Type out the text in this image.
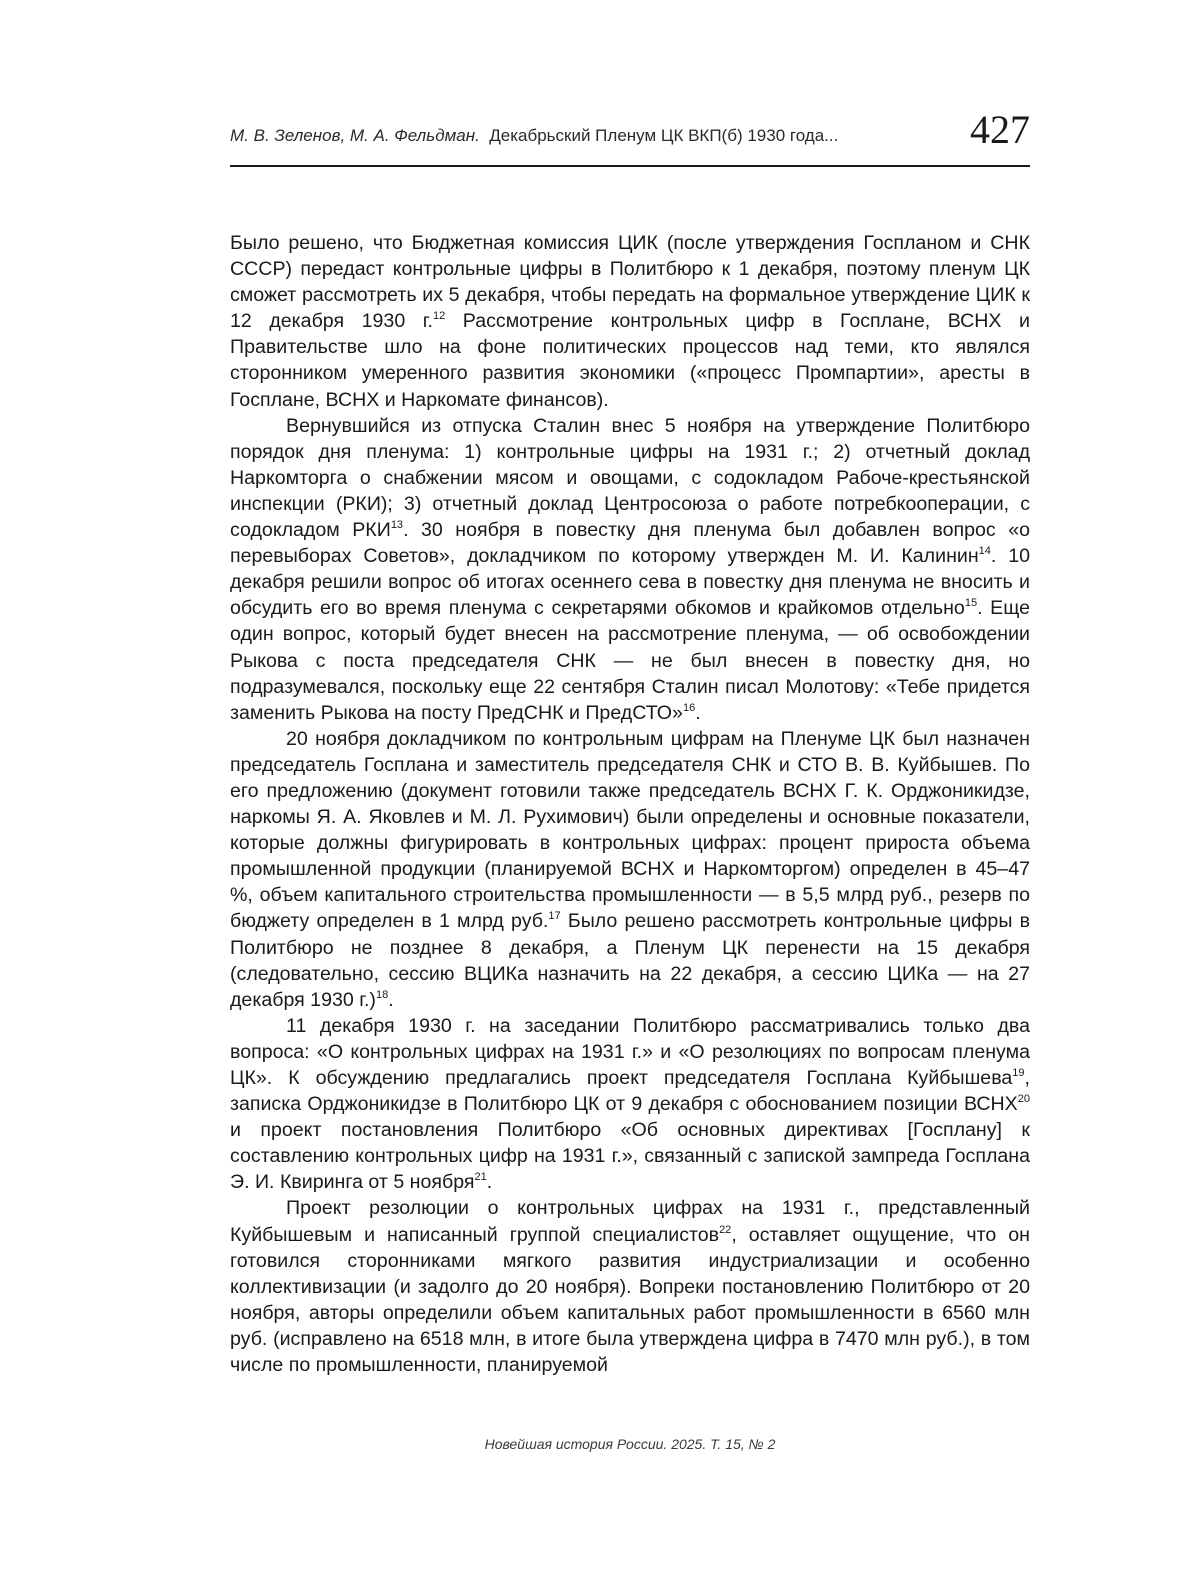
М. В. Зеленов, М. А. Фельдман. Декабрьский Пленум ЦК ВКП(б) 1930 года...	427

Было решено, что Бюджетная комиссия ЦИК (после утверждения Госпланом и СНК СССР) передаст контрольные цифры в Политбюро к 1 декабря, поэтому пленум ЦК сможет рассмотреть их 5 декабря, чтобы передать на формальное утверждение ЦИК к 12 декабря 1930 г.$^{12}$ Рассмотрение контрольных цифр в Госплане, ВСНХ и Правительстве шло на фоне политических процессов над теми, кто являлся сторонником умеренного развития экономики («процесс Промпартии», аресты в Госплане, ВСНХ и Наркомате финансов).

Вернувшийся из отпуска Сталин внес 5 ноября на утверждение Политбюро порядок дня пленума: 1) контрольные цифры на 1931 г.; 2) отчетный доклад Наркомторга о снабжении мясом и овощами, с содокладом Рабоче-крестьянской инспекции (РКИ); 3) отчетный доклад Центросоюза о работе потребкооперации, с содокладом РКИ$^{13}$. 30 ноября в повестку дня пленума был добавлен вопрос «о перевыборах Советов», докладчиком по которому утвержден М. И. Калинин$^{14}$. 10 декабря решили вопрос об итогах осеннего сева в повестку дня пленума не вносить и обсудить его во время пленума с секретарями обкомов и крайкомов отдельно$^{15}$. Еще один вопрос, который будет внесен на рассмотрение пленума, — об освобождении Рыкова с поста председателя СНК — не был внесен в повестку дня, но подразумевался, поскольку еще 22 сентября Сталин писал Молотову: «Тебе придется заменить Рыкова на посту ПредСНК и ПредСТО»$^{16}$.

20 ноября докладчиком по контрольным цифрам на Пленуме ЦК был назначен председатель Госплана и заместитель председателя СНК и СТО В. В. Куйбышев. По его предложению (документ готовили также председатель ВСНХ Г. К. Орджоникидзе, наркомы Я. А. Яковлев и М. Л. Рухимович) были определены и основные показатели, которые должны фигурировать в контрольных цифрах: процент прироста объема промышленной продукции (планируемой ВСНХ и Наркомторгом) определен в 45–47 %, объем капитального строительства промышленности — в 5,5 млрд руб., резерв по бюджету определен в 1 млрд руб.$^{17}$ Было решено рассмотреть контрольные цифры в Политбюро не позднее 8 декабря, а Пленум ЦК перенести на 15 декабря (следовательно, сессию ВЦИКа назначить на 22 декабря, а сессию ЦИКа — на 27 декабря 1930 г.)$^{18}$.

11 декабря 1930 г. на заседании Политбюро рассматривались только два вопроса: «О контрольных цифрах на 1931 г.» и «О резолюциях по вопросам пленума ЦК». К обсуждению предлагались проект председателя Госплана Куйбышева$^{19}$, записка Орджоникидзе в Политбюро ЦК от 9 декабря с обоснованием позиции ВСНХ$^{20}$ и проект постановления Политбюро «Об основных директивах [Госплану] к составлению контрольных цифр на 1931 г.», связанный с запиской зампреда Госплана Э. И. Квиринга от 5 ноября$^{21}$.

Проект резолюции о контрольных цифрах на 1931 г., представленный Куйбышевым и написанный группой специалистов$^{22}$, оставляет ощущение, что он готовился сторонниками мягкого развития индустриализации и особенно коллективизации (и задолго до 20 ноября). Вопреки постановлению Политбюро от 20 ноября, авторы определили объем капитальных работ промышленности в 6560 млн руб. (исправлено на 6518 млн, в итоге была утверждена цифра в 7470 млн руб.), в том числе по промышленности, планируемой

Новейшая история России. 2025. Т. 15, № 2
